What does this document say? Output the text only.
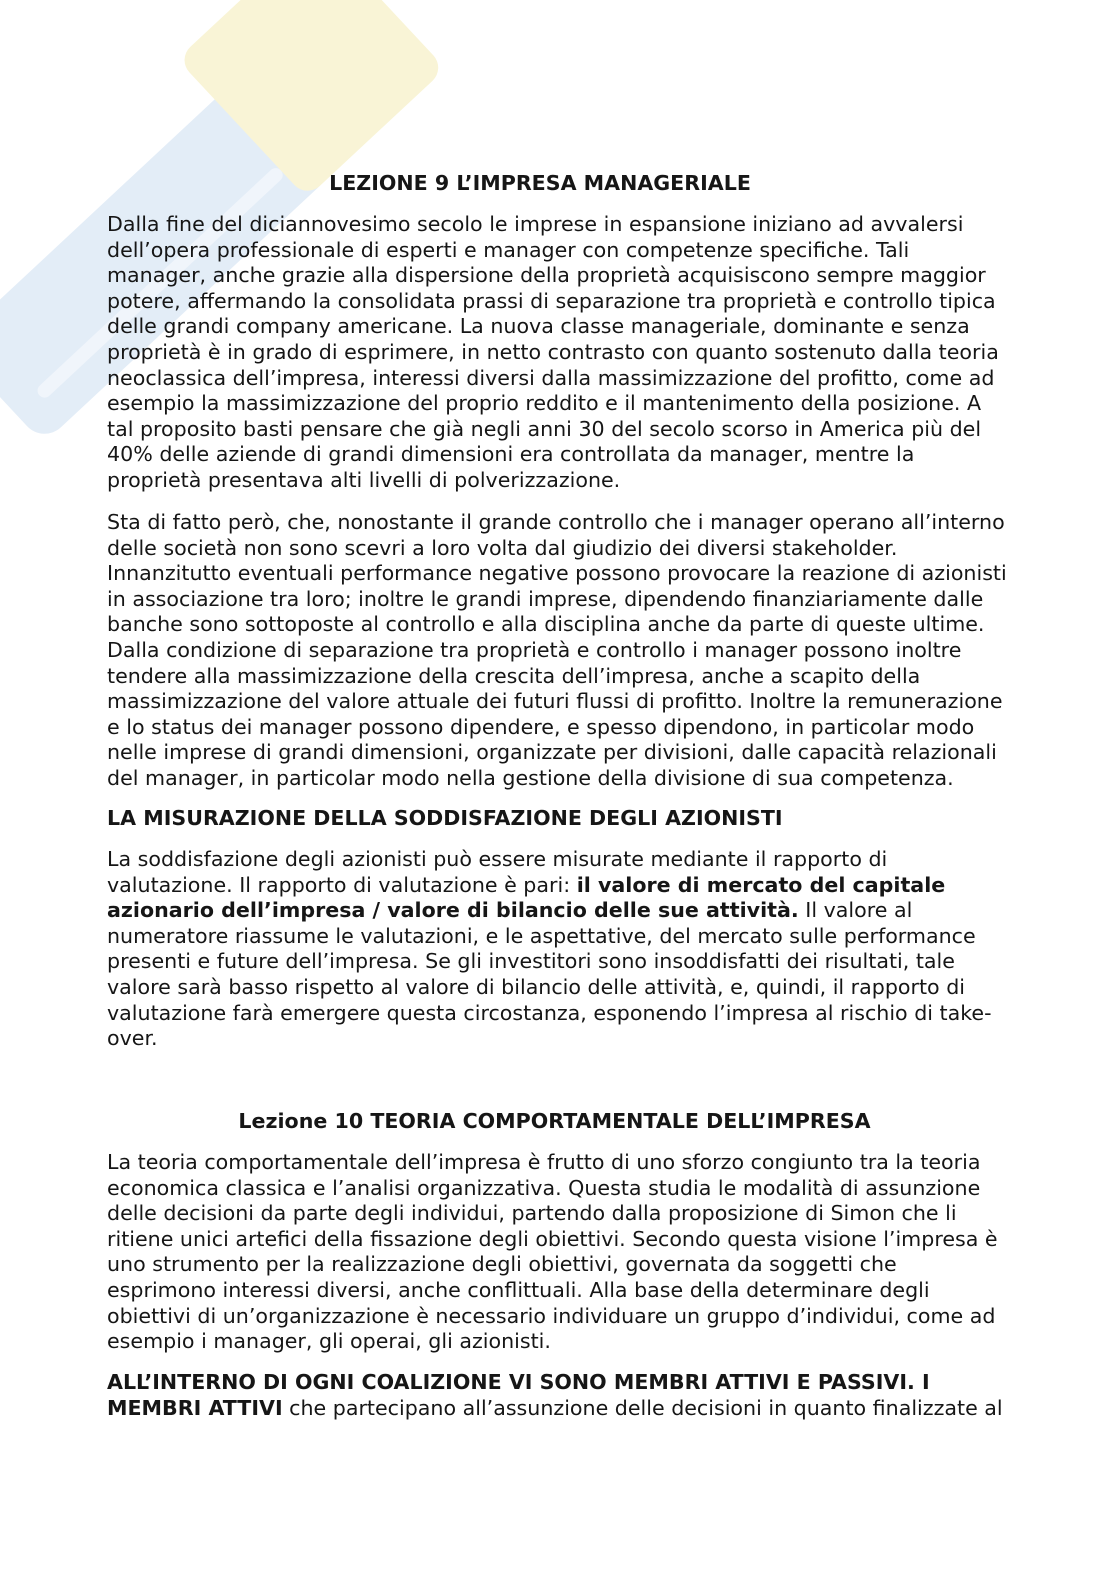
LEZIONE 9 L’IMPRESA MANAGERIALE
Dalla fine del diciannovesimo secolo le imprese in espansione iniziano ad avvalersi
dell’opera professionale di esperti e manager con competenze specifiche. Tali
manager, anche grazie alla dispersione della proprietà acquisiscono sempre maggior
potere, affermando la consolidata prassi di separazione tra proprietà e controllo tipica
delle grandi company americane. La nuova classe manageriale, dominante e senza
proprietà è in grado di esprimere, in netto contrasto con quanto sostenuto dalla teoria
neoclassica dell’impresa, interessi diversi dalla massimizzazione del profitto, come ad
esempio la massimizzazione del proprio reddito e il mantenimento della posizione. A
tal proposito basti pensare che già negli anni 30 del secolo scorso in America più del
40% delle aziende di grandi dimensioni era controllata da manager, mentre la
proprietà presentava alti livelli di polverizzazione.
Sta di fatto però, che, nonostante il grande controllo che i manager operano all’interno
delle società non sono scevri a loro volta dal giudizio dei diversi stakeholder.
Innanzitutto eventuali performance negative possono provocare la reazione di azionisti
in associazione tra loro; inoltre le grandi imprese, dipendendo finanziariamente dalle
banche sono sottoposte al controllo e alla disciplina anche da parte di queste ultime.
Dalla condizione di separazione tra proprietà e controllo i manager possono inoltre
tendere alla massimizzazione della crescita dell’impresa, anche a scapito della
massimizzazione del valore attuale dei futuri flussi di profitto. Inoltre la remunerazione
e lo status dei manager possono dipendere, e spesso dipendono, in particolar modo
nelle imprese di grandi dimensioni, organizzate per divisioni, dalle capacità relazionali
del manager, in particolar modo nella gestione della divisione di sua competenza.
LA MISURAZIONE DELLA SODDISFAZIONE DEGLI AZIONISTI
La soddisfazione degli azionisti può essere misurate mediante il rapporto di
valutazione. Il rapporto di valutazione è pari: il valore di mercato del capitale
azionario dell’impresa / valore di bilancio delle sue attività. Il valore al
numeratore riassume le valutazioni, e le aspettative, del mercato sulle performance
presenti e future dell’impresa. Se gli investitori sono insoddisfatti dei risultati, tale
valore sarà basso rispetto al valore di bilancio delle attività, e, quindi, il rapporto di
valutazione farà emergere questa circostanza, esponendo l’impresa al rischio di take-
over.
Lezione 10 TEORIA COMPORTAMENTALE DELL’IMPRESA
La teoria comportamentale dell’impresa è frutto di uno sforzo congiunto tra la teoria
economica classica e l’analisi organizzativa. Questa studia le modalità di assunzione
delle decisioni da parte degli individui, partendo dalla proposizione di Simon che li
ritiene unici artefici della fissazione degli obiettivi. Secondo questa visione l’impresa è
uno strumento per la realizzazione degli obiettivi, governata da soggetti che
esprimono interessi diversi, anche conflittuali. Alla base della determinare degli
obiettivi di un’organizzazione è necessario individuare un gruppo d’individui, come ad
esempio i manager, gli operai, gli azionisti.
ALL’INTERNO DI OGNI COALIZIONE VI SONO MEMBRI ATTIVI E PASSIVI. I
MEMBRI ATTIVI che partecipano all’assunzione delle decisioni in quanto finalizzate al
